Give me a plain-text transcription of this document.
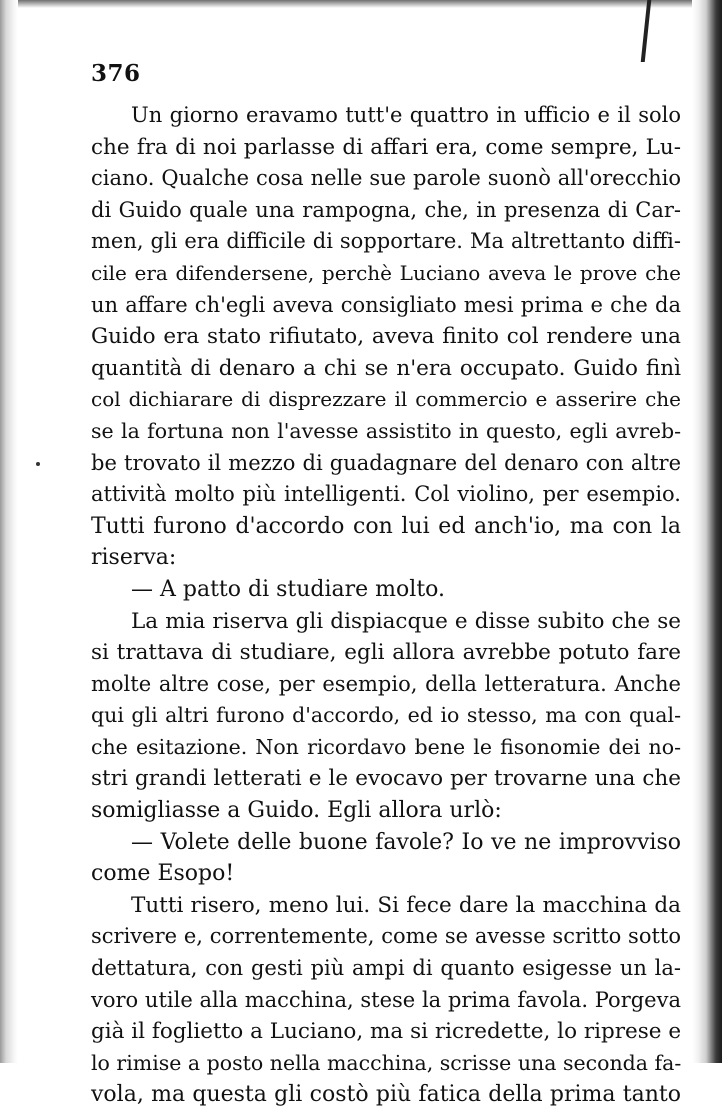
376
Un giorno eravamo tutt'e quattro in ufficio e il solo
che fra di noi parlasse di affari era, come sempre, Lu-
ciano. Qualche cosa nelle sue parole suonò all'orecchio
di Guido quale una rampogna, che, in presenza di Car-
men, gli era difficile di sopportare. Ma altrettanto diffi-
cile era difendersene, perchè Luciano aveva le prove che
un affare ch'egli aveva consigliato mesi prima e che da
Guido era stato rifiutato, aveva finito col rendere una
quantità di denaro a chi se n'era occupato. Guido finì
col dichiarare di disprezzare il commercio e asserire che
se la fortuna non l'avesse assistito in questo, egli avreb-
be trovato il mezzo di guadagnare del denaro con altre
attività molto più intelligenti. Col violino, per esempio.
Tutti furono d'accordo con lui ed anch'io, ma con la
riserva:
— A patto di studiare molto.
La mia riserva gli dispiacque e disse subito che se
si trattava di studiare, egli allora avrebbe potuto fare
molte altre cose, per esempio, della letteratura. Anche
qui gli altri furono d'accordo, ed io stesso, ma con qual-
che esitazione. Non ricordavo bene le fisonomie dei no-
stri grandi letterati e le evocavo per trovarne una che
somigliasse a Guido. Egli allora urlò:
— Volete delle buone favole? Io ve ne improvviso
come Esopo!
Tutti risero, meno lui. Si fece dare la macchina da
scrivere e, correntemente, come se avesse scritto sotto
dettatura, con gesti più ampi di quanto esigesse un la-
voro utile alla macchina, stese la prima favola. Porgeva
già il foglietto a Luciano, ma si ricredette, lo riprese e
lo rimise a posto nella macchina, scrisse una seconda fa-
vola, ma questa gli costò più fatica della prima tanto
